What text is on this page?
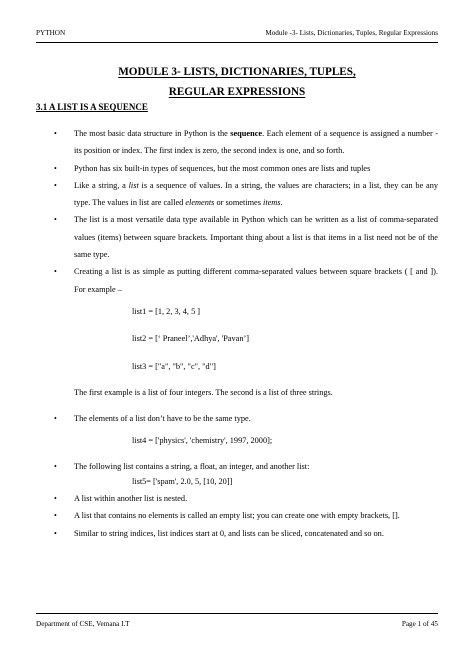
PYTHON	Module -3- Lists, Dictionaries, Tuples, Regular Expressions
MODULE 3- LISTS, DICTIONARIES, TUPLES,
REGULAR EXPRESSIONS
3.1 A LIST IS A SEQUENCE

• The most basic data structure in Python is the sequence. Each element of a sequence is assigned a number - its position or index. The first index is zero, the second index is one, and so forth.

• Python has six built-in types of sequences, but the most common ones are lists and tuples

• Like a string, a list is a sequence of values. In a string, the values are characters; in a list, they can be any type. The values in list are called elements or sometimes items.

• The list is a most versatile data type available in Python which can be written as a list of comma-separated values (items) between square brackets. Important thing about a list is that items in a list need not be of the same type.

• Creating a list is as simple as putting different comma-separated values between square brackets ( [ and ]). For example –

list1 = [1, 2, 3, 4, 5 ]

list2 = [‘ Praneel’,'Adhya', 'Pavan’]

list3 = ["a", "b", "c", "d"]

The first example is a list of four integers. The second is a list of three strings.

• The elements of a list don’t have to be the same type.

list4 = ['physics', 'chemistry', 1997, 2000];

• The following list contains a string, a float, an integer, and another list:

list5= ['spam', 2.0, 5, [10, 20]]

• A list within another list is nested.

• A list that contains no elements is called an empty list; you can create one with empty brackets, [].

• Similar to string indices, list indices start at 0, and lists can be sliced, concatenated and so on.

Department of CSE, Vemana I.T	Page 1 of 45
